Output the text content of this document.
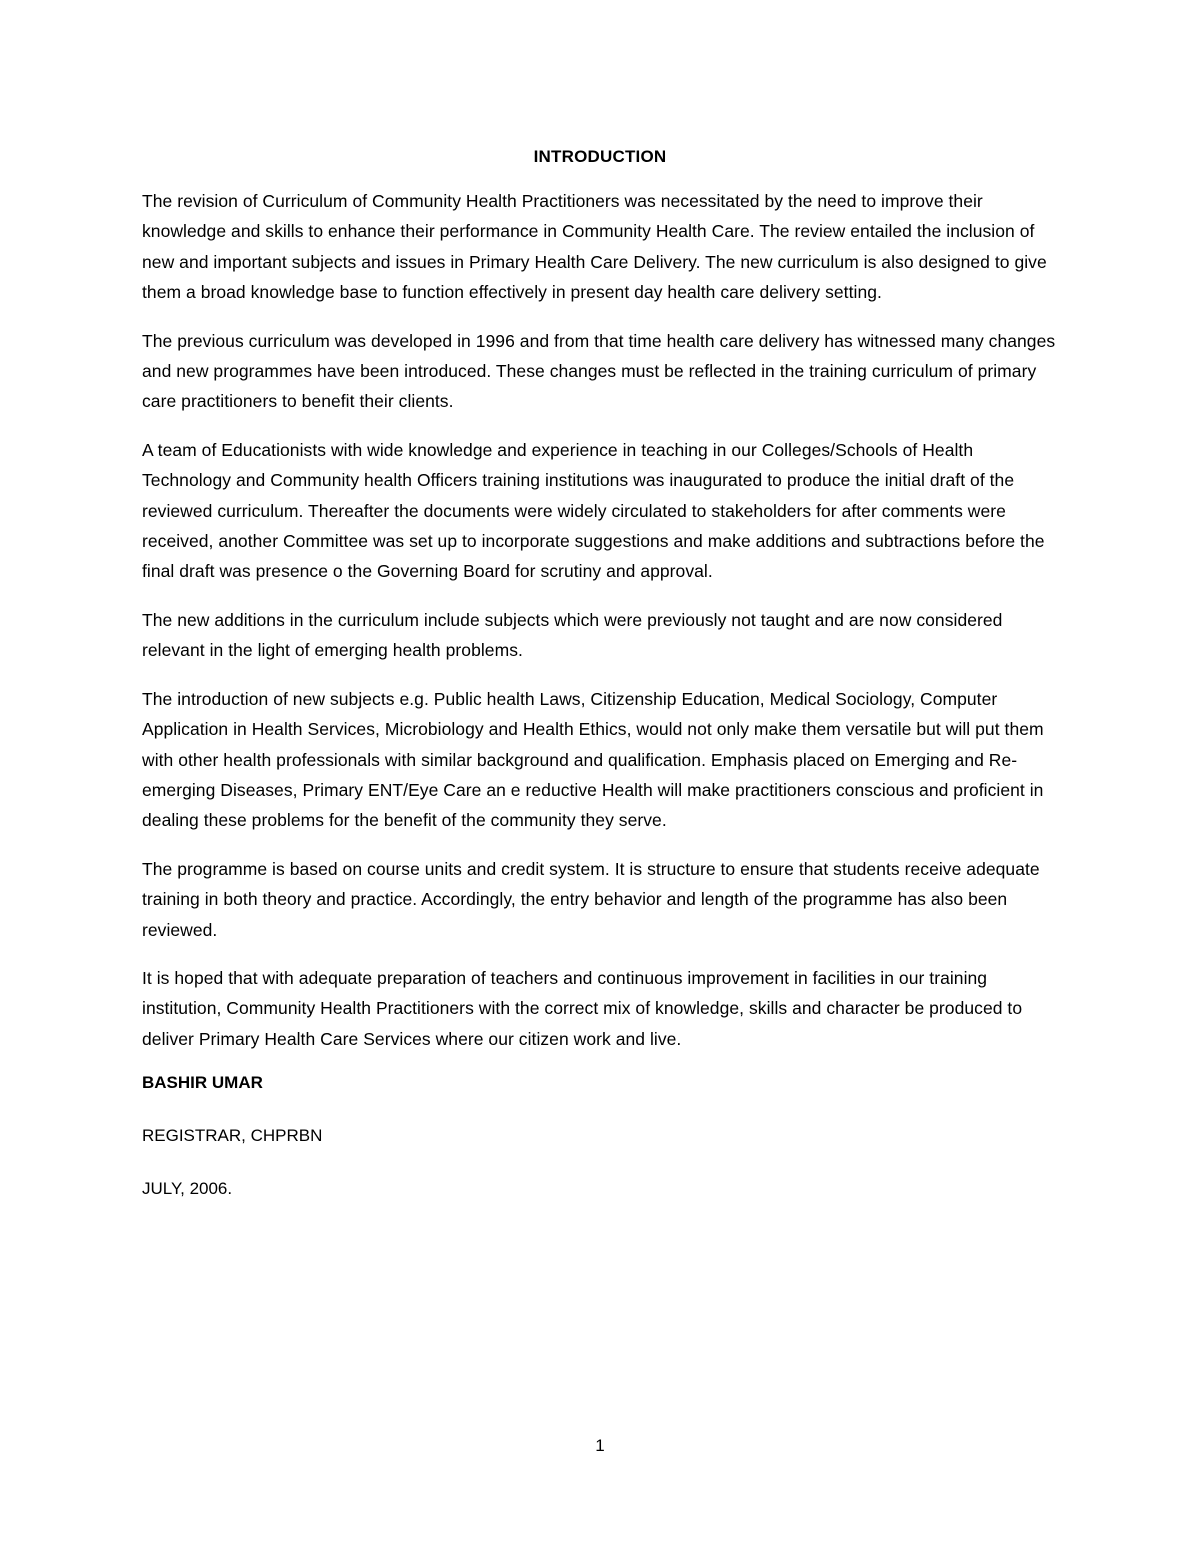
INTRODUCTION

The revision of Curriculum of Community Health Practitioners was necessitated by the need to improve their knowledge and skills to enhance their performance in Community Health Care. The review entailed the inclusion of new and important subjects and issues in Primary Health Care Delivery. The new curriculum is also designed to give them a broad knowledge base to function effectively in present day health care delivery setting.

The previous curriculum was developed in 1996 and from that time health care delivery has witnessed many changes and new programmes have been introduced. These changes must be reflected in the training curriculum of primary care practitioners to benefit their clients.

A team of Educationists with wide knowledge and experience in teaching in our Colleges/Schools of Health Technology and Community health Officers training institutions was inaugurated to produce the initial draft of the reviewed curriculum. Thereafter the documents were widely circulated to stakeholders for after comments were received, another Committee was set up to incorporate suggestions and make additions and subtractions before the final draft was presence o the Governing Board for scrutiny and approval.

The new additions in the curriculum include subjects which were previously not taught and are now considered relevant in the light of emerging health problems.

The introduction of new subjects e.g. Public health Laws, Citizenship Education, Medical Sociology, Computer Application in Health Services, Microbiology and Health Ethics, would not only make them versatile but will put them with other health professionals with similar background and qualification. Emphasis placed on Emerging and Re-emerging Diseases, Primary ENT/Eye Care an e reductive Health will make practitioners conscious and proficient in dealing these problems for the benefit of the community they serve.

The programme is based on course units and credit system. It is structure to ensure that students receive adequate training in both theory and practice. Accordingly, the entry behavior and length of the programme has also been reviewed.

It is hoped that with adequate preparation of teachers and continuous improvement in facilities in our training institution, Community Health Practitioners with the correct mix of knowledge, skills and character be produced to deliver Primary Health Care Services where our citizen work and live.

BASHIR UMAR
REGISTRAR, CHPRBN
JULY, 2006.
1
